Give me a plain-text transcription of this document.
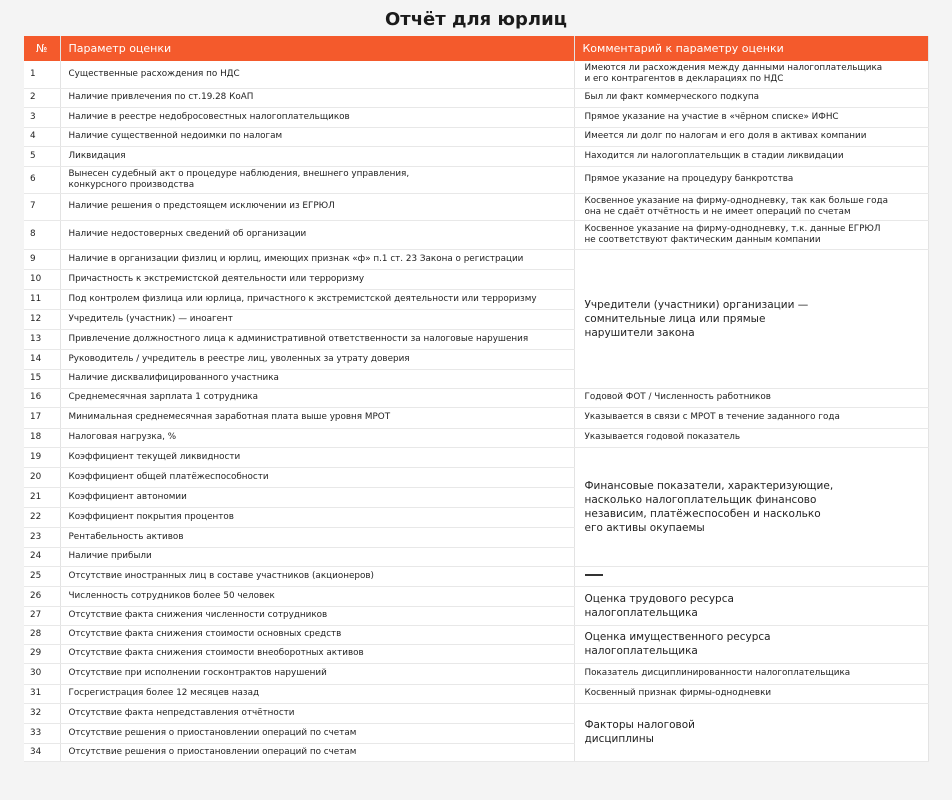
Отчёт для юрлиц
№	Параметр оценки	Комментарий к параметру оценки
1	Существенные расхождения по НДС	Имеются ли расхождения между данными налогоплательщика
и его контрагентов в декларациях по НДС
2	Наличие привлечения по ст.19.28 КоАП	Был ли факт коммерческого подкупа
3	Наличие в реестре недобросовестных налогоплательщиков	Прямое указание на участие в «чёрном списке» ИФНС
4	Наличие существенной недоимки по налогам	Имеется ли долг по налогам и его доля в активах компании
5	Ликвидация	Находится ли налогоплательщик в стадии ликвидации
6	Вынесен судебный акт о процедуре наблюдения, внешнего управления,
конкурсного производства	Прямое указание на процедуру банкротства
7	Наличие решения о предстоящем исключении из ЕГРЮЛ	Косвенное указание на фирму-однодневку, так как больше года
она не сдаёт отчётность и не имеет операций по счетам
8	Наличие недостоверных сведений об организации	Косвенное указание на фирму-однодневку, т.к. данные ЕГРЮЛ
не соответствуют фактическим данным компании
9	Наличие в организации физлиц и юрлиц, имеющих признак «ф» п.1 ст. 23 Закона о регистрации	Учредители (участники) организации —
сомнительные лица или прямые
нарушители закона
10	Причастность к экстремистской деятельности или терроризму	
11	Под контролем физлица или юрлица, причастного к экстремистской деятельности или терроризму	
12	Учредитель (участник) — иноагент	
13	Привлечение должностного лица к административной ответственности за налоговые нарушения	
14	Руководитель / учредитель в реестре лиц, уволенных за утрату доверия	
15	Наличие дисквалифицированного участника	
16	Среднемесячная зарплата 1 сотрудника	Годовой ФОТ / Численность работников
17	Минимальная среднемесячная заработная плата выше уровня МРОТ	Указывается в связи с МРОТ в течение заданного года
18	Налоговая нагрузка, %	Указывается годовой показатель
19	Коэффициент текущей ликвидности	Финансовые показатели, характеризующие,
насколько налогоплательщик финансово
независим, платёжеспособен и насколько
его активы окупаемы
20	Коэффициент общей платёжеспособности	
21	Коэффициент автономии	
22	Коэффициент покрытия процентов	
23	Рентабельность активов	
24	Наличие прибыли	
25	Отсутствие иностранных лиц в составе участников (акционеров)	
26	Численность сотрудников более 50 человек	Оценка трудового ресурса
налогоплательщика
27	Отсутствие факта снижения численности сотрудников	
28	Отсутствие факта снижения стоимости основных средств	Оценка имущественного ресурса
налогоплательщика
29	Отсутствие факта снижения стоимости внеоборотных активов	
30	Отсутствие при исполнении госконтрактов нарушений	Показатель дисциплинированности налогоплательщика
31	Госрегистрация более 12 месяцев назад	Косвенный признак фирмы-однодневки
32	Отсутствие факта непредставления отчётности	Факторы налоговой
дисциплины
33	Отсутствие решения о приостановлении операций по счетам	
34	Отсутствие решения о приостановлении операций по счетам	
